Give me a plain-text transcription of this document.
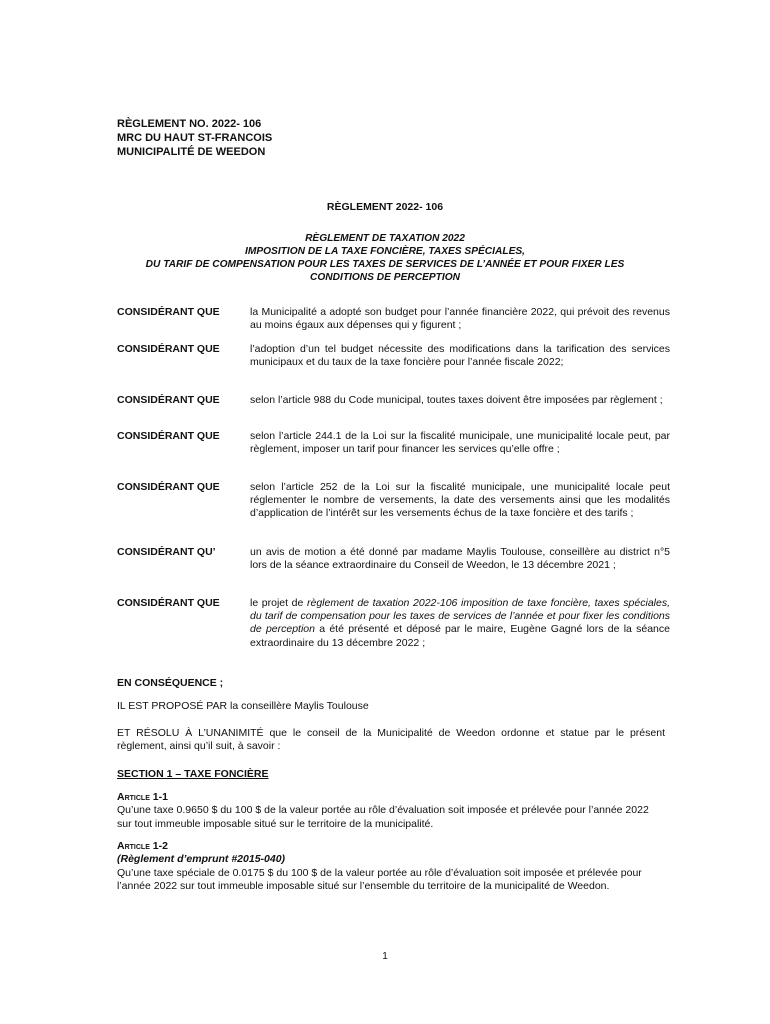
RÈGLEMENT NO. 2022- 106
MRC DU HAUT ST-FRANCOIS
MUNICIPALITÉ DE WEEDON
RÈGLEMENT 2022- 106
RÈGLEMENT DE TAXATION 2022
IMPOSITION DE LA TAXE FONCIÈRE, TAXES SPÉCIALES,
DU TARIF DE COMPENSATION POUR LES TAXES DE SERVICES DE L’ANNÉE ET POUR FIXER LES
CONDITIONS DE PERCEPTION
CONSIDÉRANT QUE	la Municipalité a adopté son budget pour l’année financière 2022, qui prévoit des revenus au moins égaux aux dépenses qui y figurent ;
CONSIDÉRANT QUE	l’adoption d’un tel budget nécessite des modifications dans la tarification des services municipaux et du taux de la taxe foncière pour l’année fiscale 2022;
CONSIDÉRANT QUE	selon l’article 988 du Code municipal, toutes taxes doivent être imposées par règlement ;
CONSIDÉRANT QUE	selon l’article 244.1 de la Loi sur la fiscalité municipale, une municipalité locale peut, par règlement, imposer un tarif pour financer les services qu’elle offre ;
CONSIDÉRANT QUE	selon l’article 252 de la Loi sur la fiscalité municipale, une municipalité locale peut réglementer le nombre de versements, la date des versements ainsi que les modalités d’application de l’intérêt sur les versements échus de la taxe foncière et des tarifs ;
CONSIDÉRANT QU’	un avis de motion a été donné par madame Maylis Toulouse, conseillère au district n°5 lors de la séance extraordinaire du Conseil de Weedon, le 13 décembre 2021 ;
CONSIDÉRANT QUE	le projet de règlement de taxation 2022-106 imposition de taxe foncière, taxes spéciales, du tarif de compensation pour les taxes de services de l’année et pour fixer les conditions de perception a été présenté et déposé par le maire, Eugène Gagné lors de la séance extraordinaire du 13 décembre 2022 ;
EN CONSÉQUENCE ;
IL EST PROPOSÉ PAR la conseillère Maylis Toulouse
ET RÉSOLU À L’UNANIMITÉ que le conseil de la Municipalité de Weedon ordonne et statue par le présent règlement, ainsi qu’il suit, à savoir :
SECTION 1 – TAXE FONCIÈRE
Article 1-1
Qu’une taxe 0.9650 $ du 100 $ de la valeur portée au rôle d’évaluation soit imposée et prélevée pour l’année 2022 sur tout immeuble imposable situé sur le territoire de la municipalité.
Article 1-2
(Règlement d’emprunt #2015-040)
Qu’une taxe spéciale de 0.0175 $ du 100 $ de la valeur portée au rôle d’évaluation soit imposée et prélevée pour l’année 2022 sur tout immeuble imposable situé sur l’ensemble du territoire de la municipalité de Weedon.
1
